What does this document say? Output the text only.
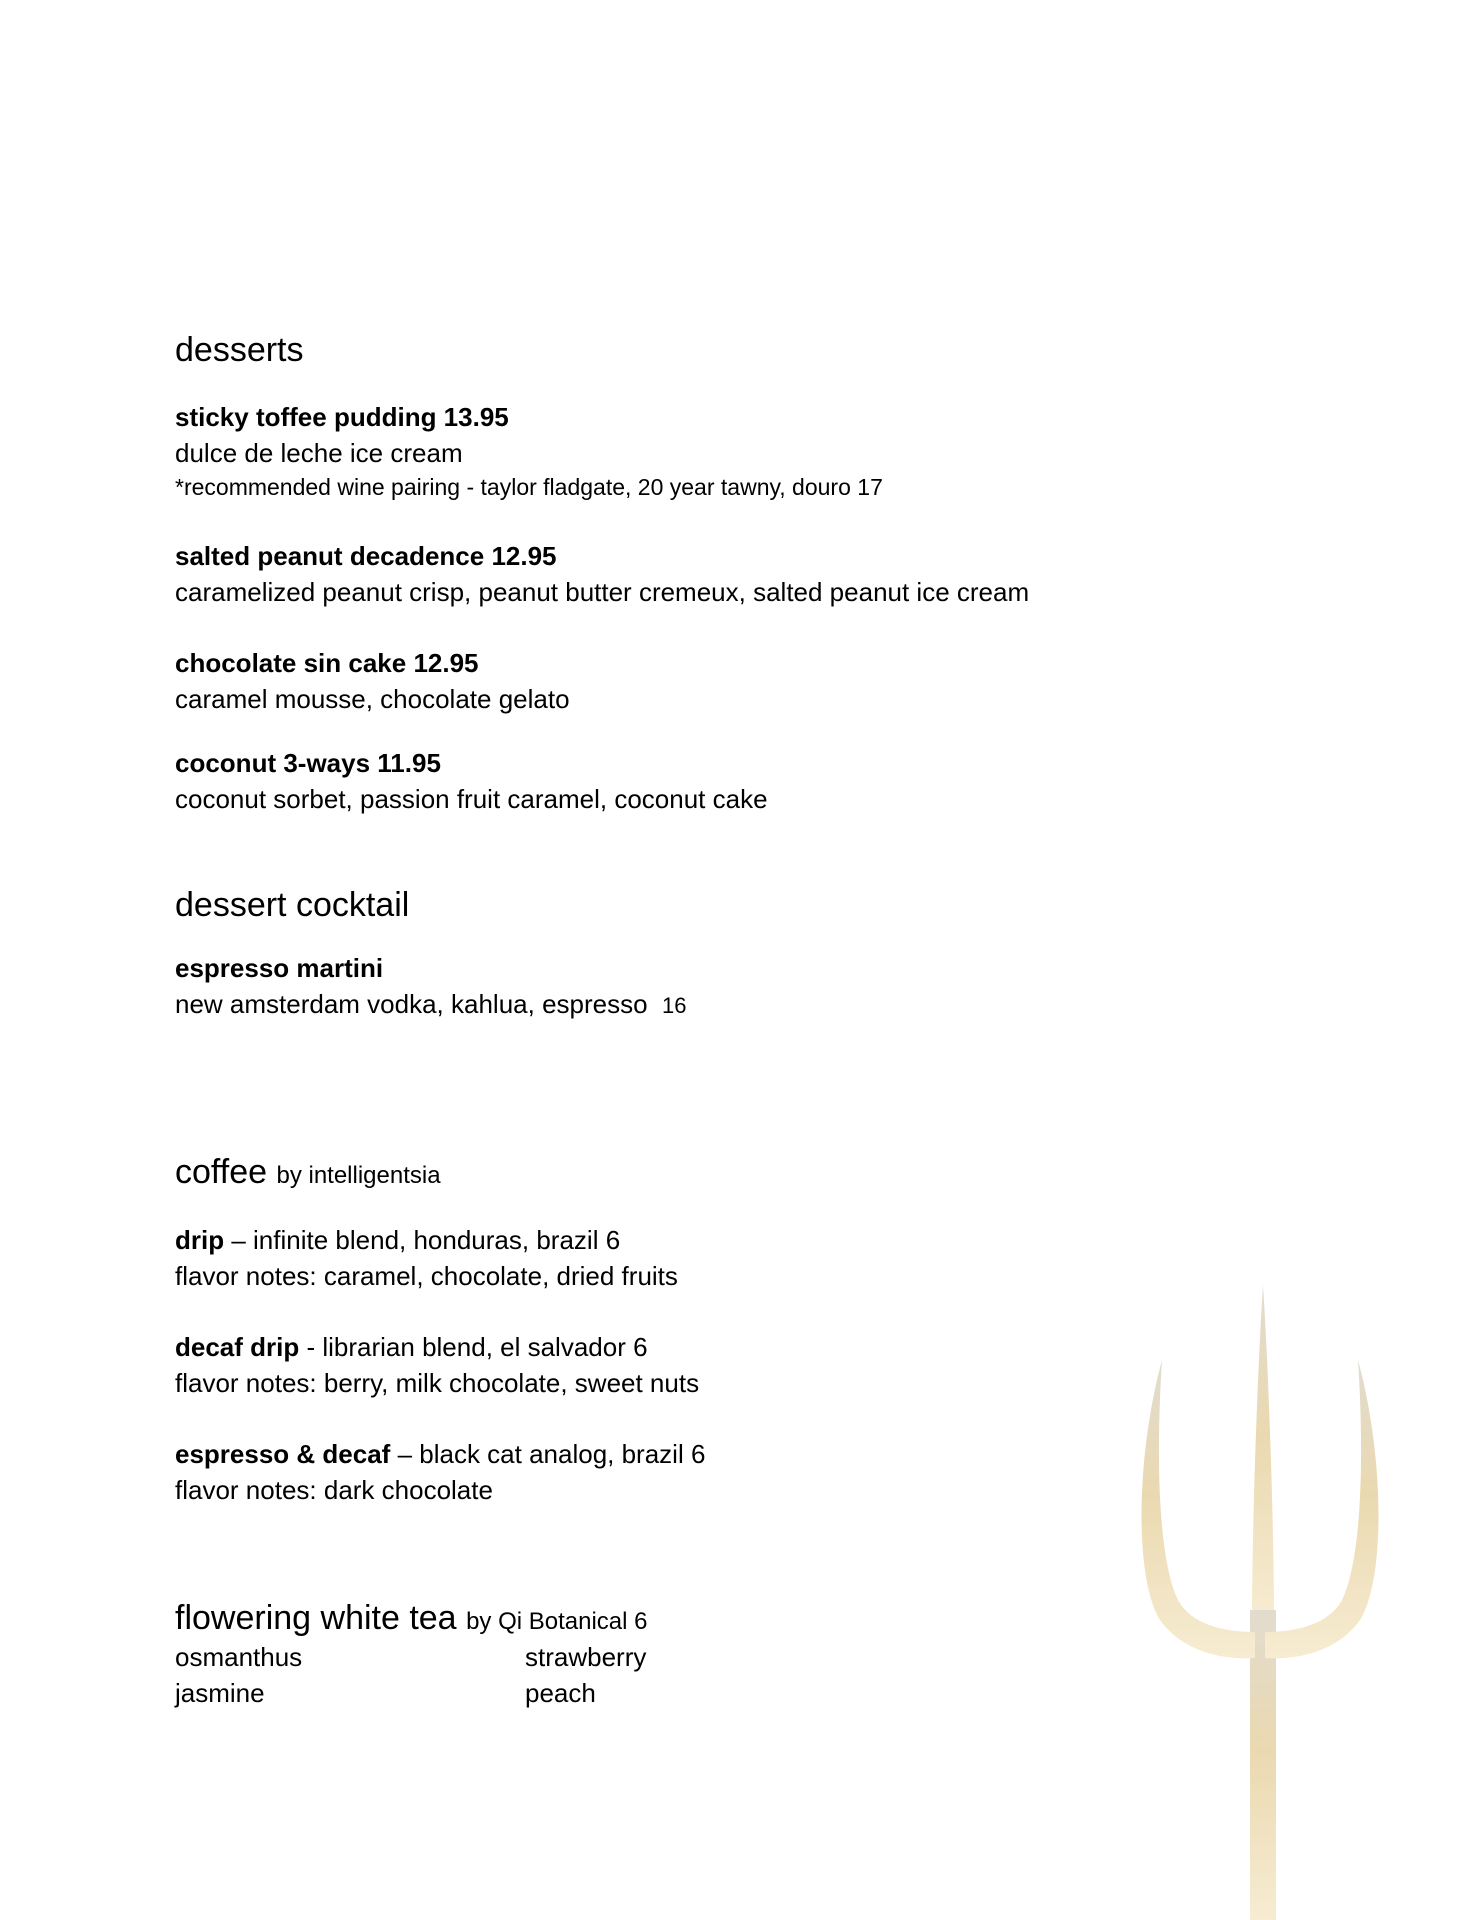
desserts
sticky toffee pudding 13.95
dulce de leche ice cream
*recommended wine pairing - taylor fladgate, 20 year tawny, douro 17
salted peanut decadence 12.95
caramelized peanut crisp, peanut butter cremeux, salted peanut ice cream
chocolate sin cake 12.95
caramel mousse, chocolate gelato
coconut 3-ways 11.95
coconut sorbet, passion fruit caramel, coconut cake
dessert cocktail
espresso martini
new amsterdam vodka, kahlua, espresso 16
coffee by intelligentsia
drip – infinite blend, honduras, brazil 6
flavor notes: caramel, chocolate, dried fruits
decaf drip - librarian blend, el salvador 6
flavor notes: berry, milk chocolate, sweet nuts
espresso & decaf – black cat analog, brazil 6
flavor notes: dark chocolate
flowering white tea by Qi Botanical 6
osmanthus	strawberry
jasmine	peach
